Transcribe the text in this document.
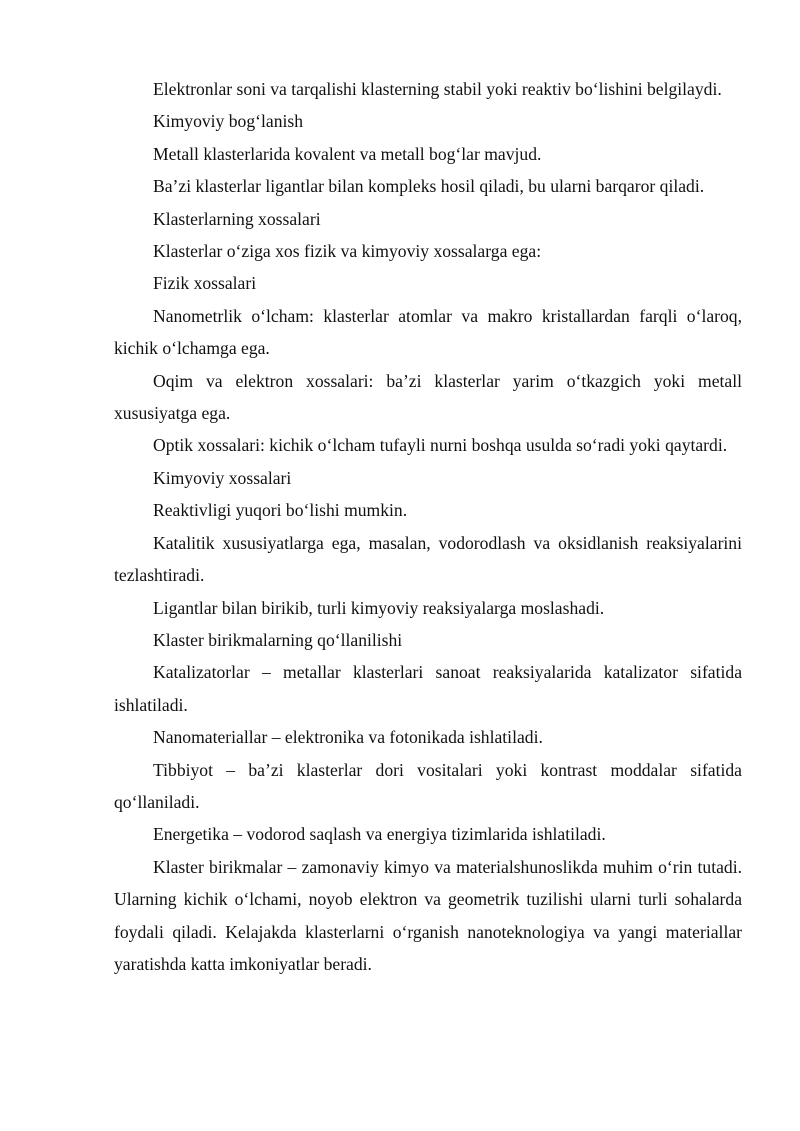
Elektronlar soni va tarqalishi klasterning stabil yoki reaktiv bo‘lishini belgilaydi.

Kimyoviy bog‘lanish

Metall klasterlarida kovalent va metall bog‘lar mavjud.

Ba’zi klasterlar ligantlar bilan kompleks hosil qiladi, bu ularni barqaror qiladi.

Klasterlarning xossalari

Klasterlar o‘ziga xos fizik va kimyoviy xossalarga ega:

Fizik xossalari

Nanometrlik o‘lcham: klasterlar atomlar va makro kristallardan farqli o‘laroq, kichik o‘lchamga ega.

Oqim va elektron xossalari: ba’zi klasterlar yarim o‘tkazgich yoki metall xususiyatga ega.

Optik xossalari: kichik o‘lcham tufayli nurni boshqa usulda so‘radi yoki qaytardi.

Kimyoviy xossalari

Reaktivligi yuqori bo‘lishi mumkin.

Katalitik xususiyatlarga ega, masalan, vodorodlash va oksidlanish reaksiyalarini tezlashtiradi.

Ligantlar bilan birikib, turli kimyoviy reaksiyalarga moslashadi.

Klaster birikmalarning qo‘llanilishi

Katalizatorlar – metallar klasterlari sanoat reaksiyalarida katalizator sifatida ishlatiladi.

Nanomateriallar – elektronika va fotonikada ishlatiladi.

Tibbiyot – ba’zi klasterlar dori vositalari yoki kontrast moddalar sifatida qo‘llaniladi.

Energetika – vodorod saqlash va energiya tizimlarida ishlatiladi.

Klaster birikmalar – zamonaviy kimyo va materialshunoslikda muhim o‘rin tutadi. Ularning kichik o‘lchami, noyob elektron va geometrik tuzilishi ularni turli sohalarda foydali qiladi. Kelajakda klasterlarni o‘rganish nanoteknologiya va yangi materiallar yaratishda katta imkoniyatlar beradi.
